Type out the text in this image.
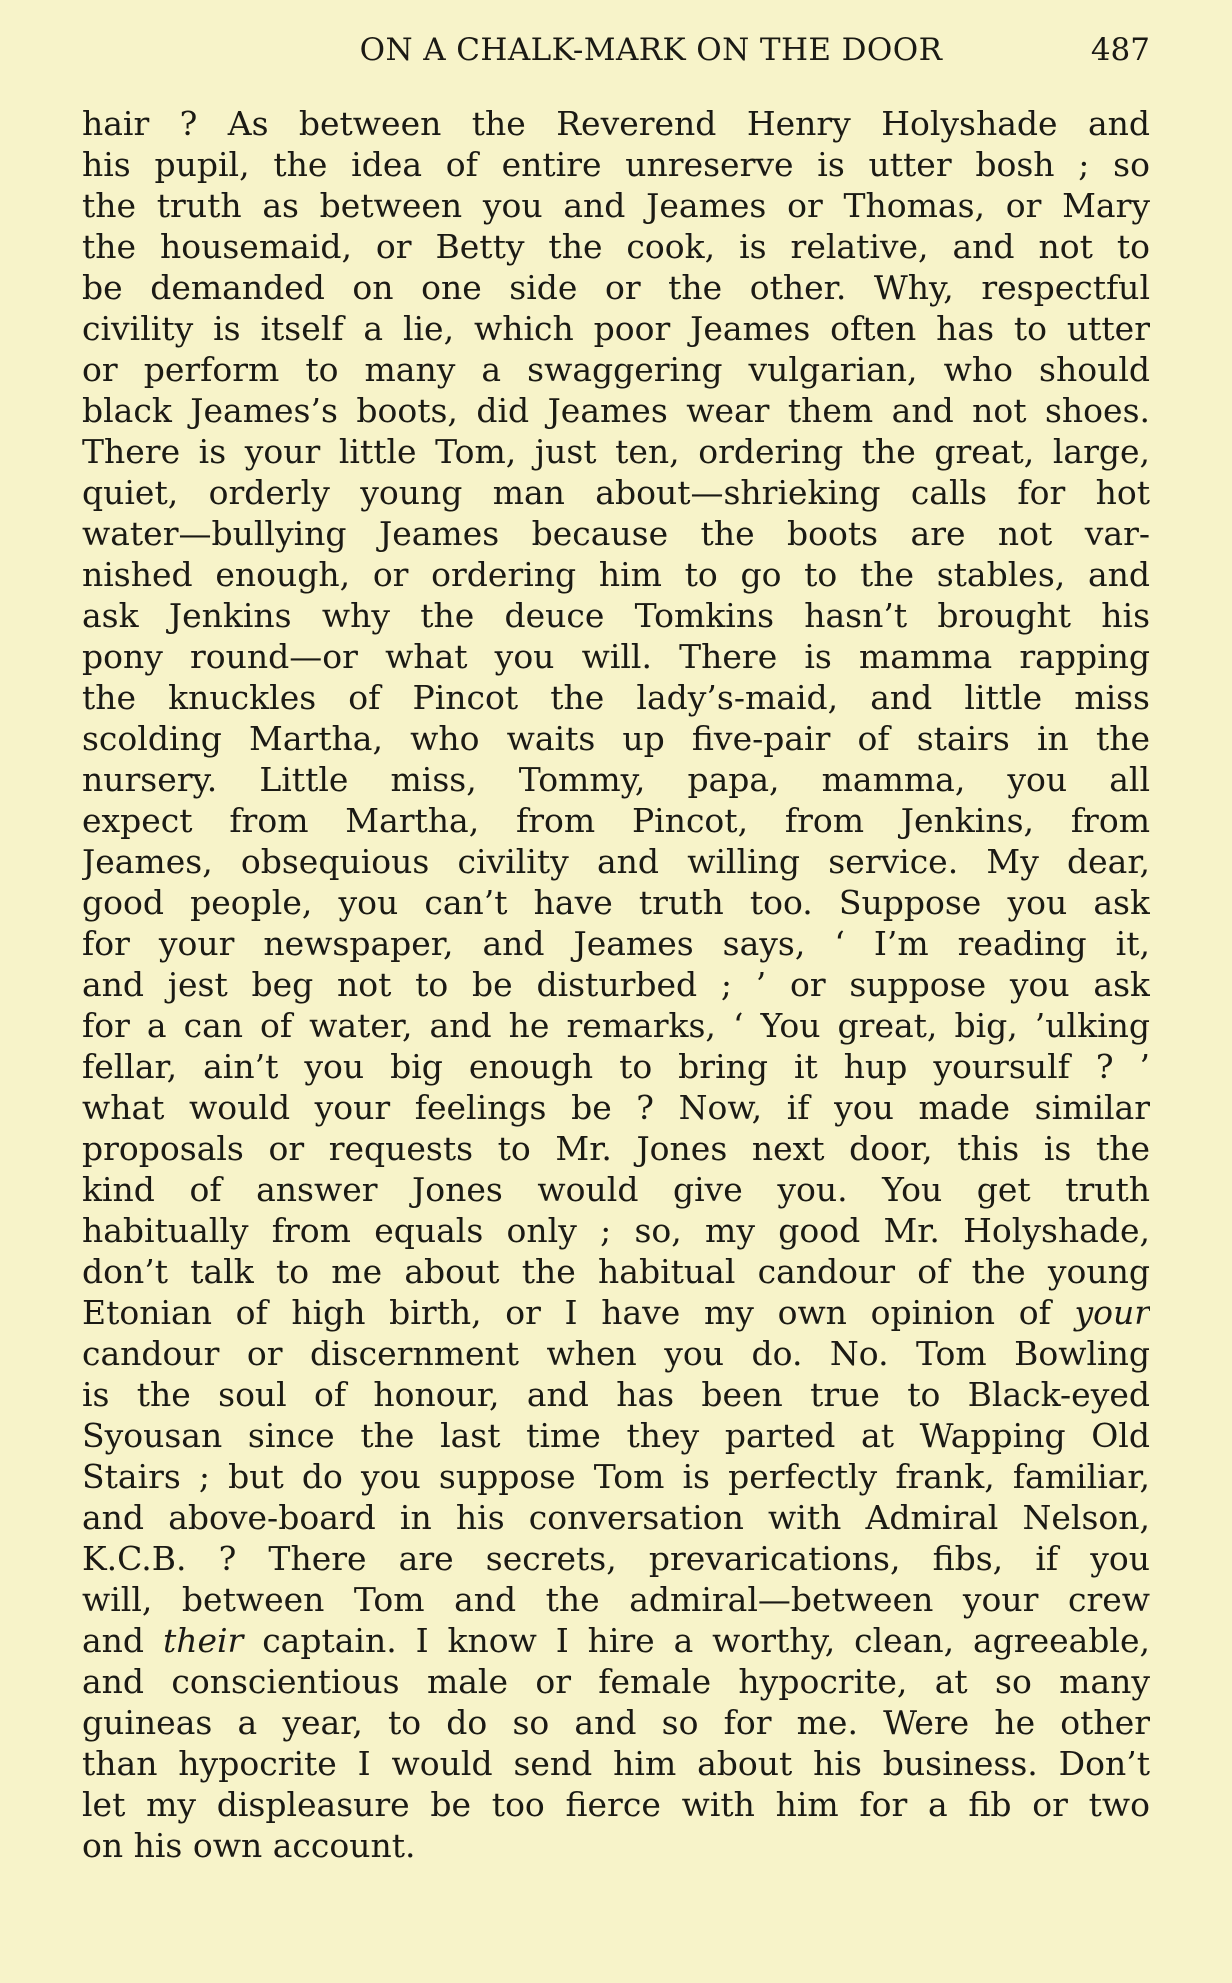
ON A CHALK-MARK ON THE DOOR	487
hair ? As between the Reverend Henry Holyshade and
his pupil, the idea of entire unreserve is utter bosh ; so
the truth as between you and Jeames or Thomas, or Mary
the housemaid, or Betty the cook, is relative, and not to
be demanded on one side or the other. Why, respectful
civility is itself a lie, which poor Jeames often has to utter
or perform to many a swaggering vulgarian, who should
black Jeames’s boots, did Jeames wear them and not shoes.
There is your little Tom, just ten, ordering the great, large,
quiet, orderly young man about—shrieking calls for hot
water—bullying Jeames because the boots are not var-
nished enough, or ordering him to go to the stables, and
ask Jenkins why the deuce Tomkins hasn’t brought his
pony round—or what you will. There is mamma rapping
the knuckles of Pincot the lady’s-maid, and little miss
scolding Martha, who waits up five-pair of stairs in the
nursery. Little miss, Tommy, papa, mamma, you all
expect from Martha, from Pincot, from Jenkins, from
Jeames, obsequious civility and willing service. My dear,
good people, you can’t have truth too. Suppose you ask
for your newspaper, and Jeames says, ‘ I’m reading it,
and jest beg not to be disturbed ; ’ or suppose you ask
for a can of water, and he remarks, ‘ You great, big, ’ulking
fellar, ain’t you big enough to bring it hup yoursulf ? ’
what would your feelings be ? Now, if you made similar
proposals or requests to Mr. Jones next door, this is the
kind of answer Jones would give you. You get truth
habitually from equals only ; so, my good Mr. Holyshade,
don’t talk to me about the habitual candour of the young
Etonian of high birth, or I have my own opinion of your
candour or discernment when you do. No. Tom Bowling
is the soul of honour, and has been true to Black-eyed
Syousan since the last time they parted at Wapping Old
Stairs ; but do you suppose Tom is perfectly frank, familiar,
and above-board in his conversation with Admiral Nelson,
K.C.B. ? There are secrets, prevarications, fibs, if you
will, between Tom and the admiral—between your crew
and their captain. I know I hire a worthy, clean, agreeable,
and conscientious male or female hypocrite, at so many
guineas a year, to do so and so for me. Were he other
than hypocrite I would send him about his business. Don’t
let my displeasure be too fierce with him for a fib or two
on his own account.
